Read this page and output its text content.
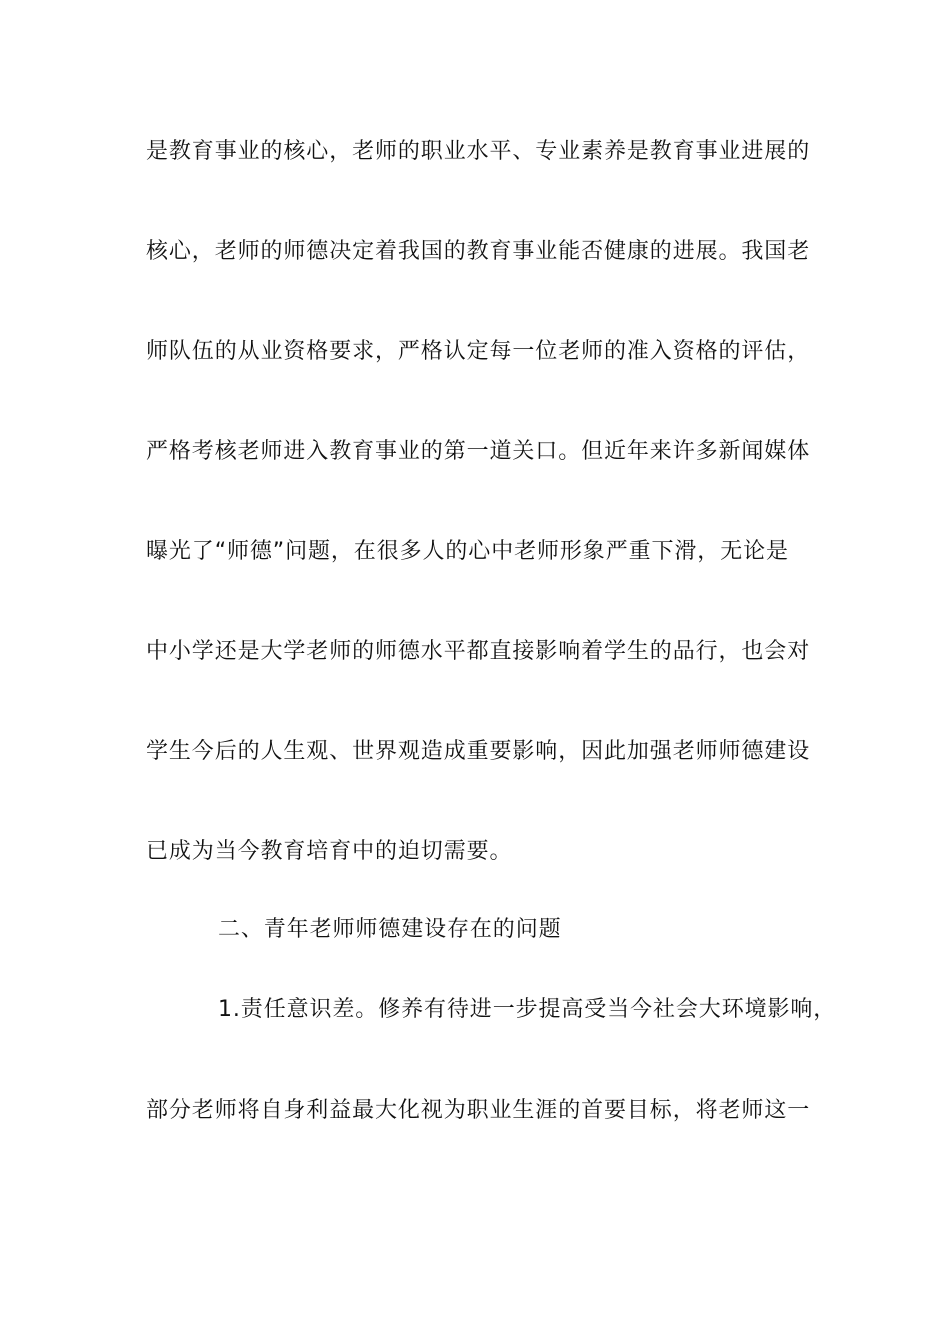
是教育事业的核心，老师的职业水平、专业素养是教育事业进展的
核心，老师的师德决定着我国的教育事业能否健康的进展。我国老
师队伍的从业资格要求，严格认定每一位老师的准入资格的评估，
严格考核老师进入教育事业的第一道关口。但近年来许多新闻媒体
曝光了“师德”问题，在很多人的心中老师形象严重下滑，无论是
中小学还是大学老师的师德水平都直接影响着学生的品行，也会对
学生今后的人生观、世界观造成重要影响，因此加强老师师德建设
已成为当今教育培育中的迫切需要。
二、青年老师师德建设存在的问题
1.责任意识差。修养有待进一步提高受当今社会大环境影响，
部分老师将自身利益最大化视为职业生涯的首要目标，将老师这一
